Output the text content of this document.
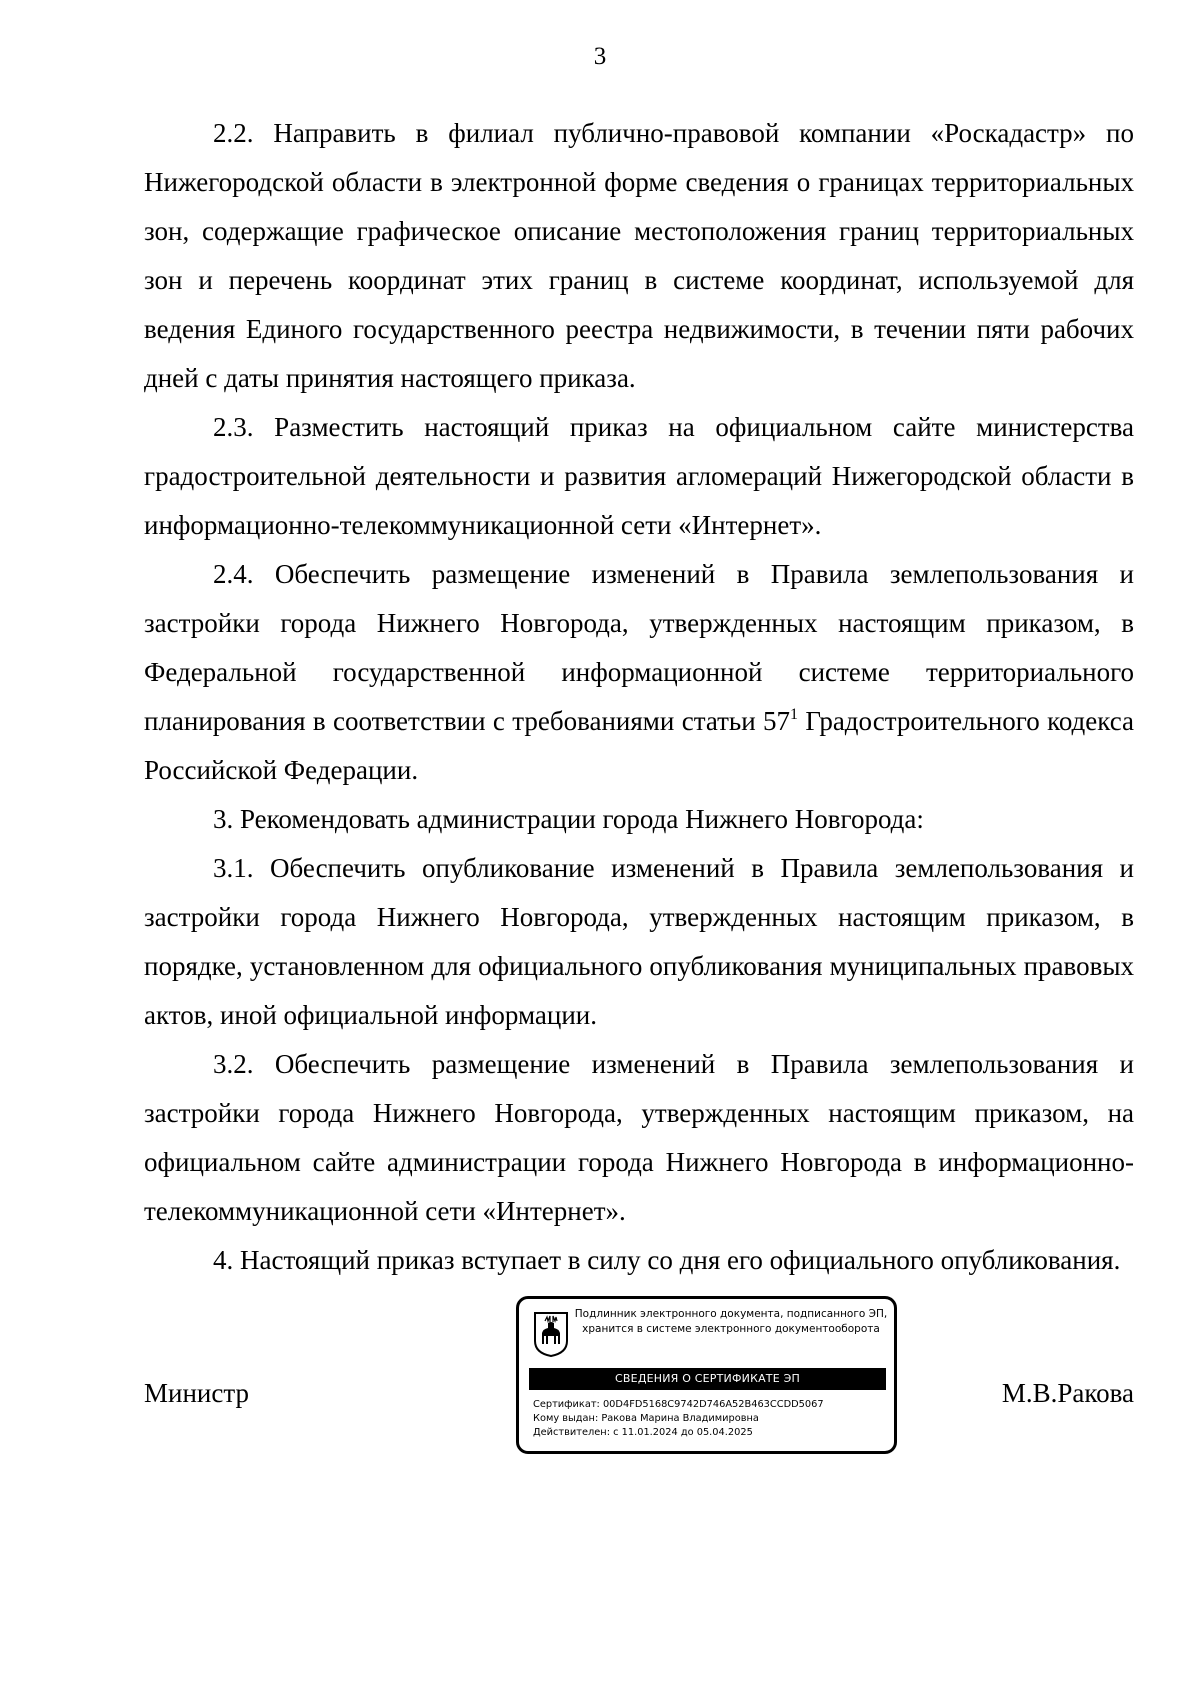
3

2.2. Направить в филиал публично-правовой компании «Роскадастр» по Нижегородской области в электронной форме сведения о границах территориальных зон, содержащие графическое описание местоположения границ территориальных зон и перечень координат этих границ в системе координат, используемой для ведения Единого государственного реестра недвижимости, в течении пяти рабочих дней с даты принятия настоящего приказа.

2.3. Разместить настоящий приказ на официальном сайте министерства градостроительной деятельности и развития агломераций Нижегородской области в информационно-телекоммуникационной сети «Интернет».

2.4. Обеспечить размещение изменений в Правила землепользования и застройки города Нижнего Новгорода, утвержденных настоящим приказом, в Федеральной государственной информационной системе территориального планирования в соответствии с требованиями статьи $57^1$ Градостроительного кодекса Российской Федерации.

3. Рекомендовать администрации города Нижнего Новгорода:

3.1. Обеспечить опубликование изменений в Правила землепользования и застройки города Нижнего Новгорода, утвержденных настоящим приказом, в порядке, установленном для официального опубликования муниципальных правовых актов, иной официальной информации.

3.2. Обеспечить размещение изменений в Правила землепользования и застройки города Нижнего Новгорода, утвержденных настоящим приказом, на официальном сайте администрации города Нижнего Новгорода в информационно-телекоммуникационной сети «Интернет».

4. Настоящий приказ вступает в силу со дня его официального опубликования.

Министр	М.В.Ракова
Подлинник электронного документа, подписанного ЭП,
хранится в системе электронного документооборота
СВЕДЕНИЯ О СЕРТИФИКАТЕ ЭП
Сертификат: 00D4FD5168C9742D746A52B463CCDD5067
Кому выдан: Ракова Марина Владимировна
Действителен: с 11.01.2024 до 05.04.2025
